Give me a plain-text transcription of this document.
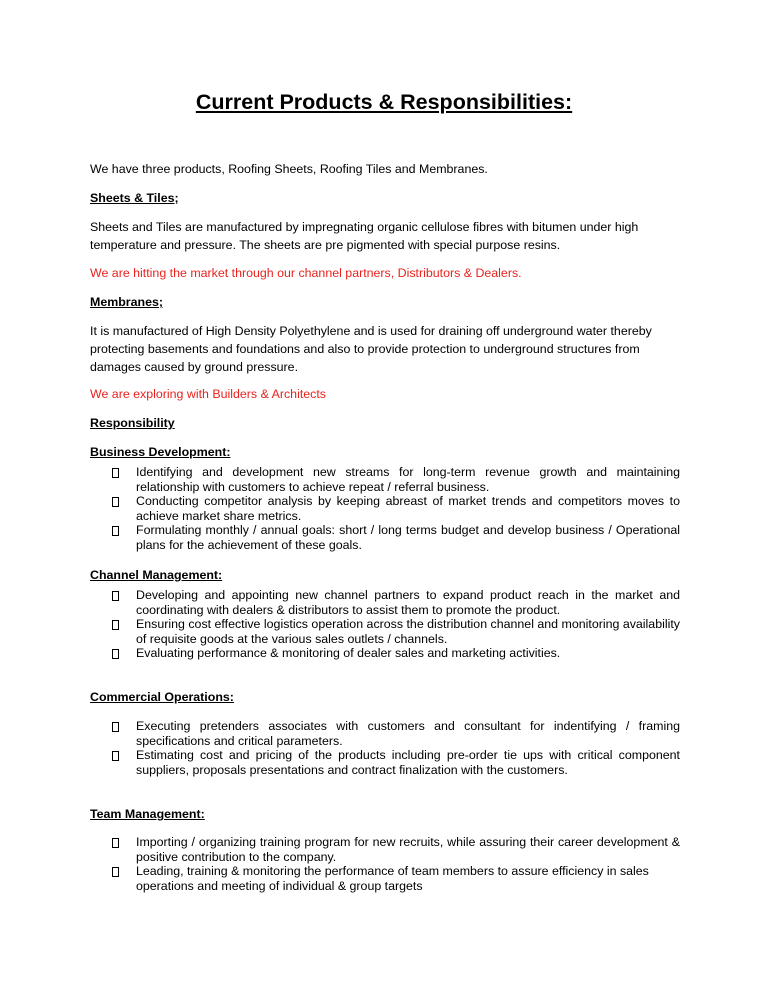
Current Products & Responsibilities:

We have three products, Roofing Sheets, Roofing Tiles and Membranes.

Sheets & Tiles;

Sheets and Tiles are manufactured by impregnating organic cellulose fibres with bitumen under high temperature and pressure. The sheets are pre pigmented with special purpose resins.

We are hitting the market through our channel partners, Distributors & Dealers.

Membranes;

It is manufactured of High Density Polyethylene and is used for draining off underground water thereby protecting basements and foundations and also to provide protection to underground structures from damages caused by ground pressure.

We are exploring with Builders & Architects

Responsibility

Business Development:

Identifying and development new streams for long-term revenue growth and maintaining relationship with customers to achieve repeat / referral business.
Conducting competitor analysis by keeping abreast of market trends and competitors moves to achieve market share metrics.
Formulating monthly / annual goals: short / long terms budget and develop business / Operational plans for the achievement of these goals.

Channel Management:

Developing and appointing new channel partners to expand product reach in the market and coordinating with dealers & distributors to assist them to promote the product.
Ensuring cost effective logistics operation across the distribution channel and monitoring availability of requisite goods at the various sales outlets / channels.
Evaluating performance & monitoring of dealer sales and marketing activities.

Commercial Operations:

Executing pretenders associates with customers and consultant for indentifying / framing specifications and critical parameters.
Estimating cost and pricing of the products including pre-order tie ups with critical component suppliers, proposals presentations and contract finalization with the customers.

Team Management:

Importing / organizing training program for new recruits, while assuring their career development & positive contribution to the company.
Leading, training & monitoring the performance of team members to assure efficiency in sales operations and meeting of individual & group targets
